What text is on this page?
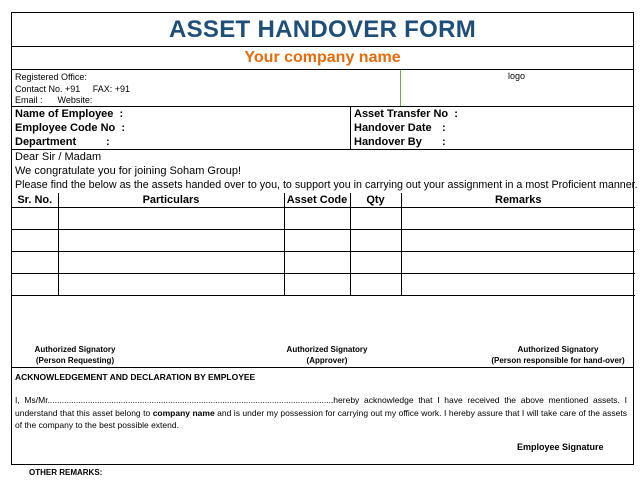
ASSET HANDOVER FORM
Your company name
Registered Office:
Contact No. +91     FAX: +91
Email :      Website:
logo
Name of Employee  :
Employee Code No  :
Department	:
Asset Transfer No  :
Handover Date :
Handover By :
Dear Sir / Madam
We congratulate you for joining Soham Group!
Please find the below as the assets handed over to you, to support you in carrying out your assignment in a most Proficient manner.
Sr. No.	Particulars	Asset Code	Qty	Remarks

Authorized Signatory
(Person Requesting)
Authorized Signatory
(Approver)
Authorized Signatory
(Person responsible for hand-over)
ACKNOWLEDGEMENT AND DECLARATION BY EMPLOYEE
I, Ms/Mr.........................................................................................................................hereby acknowledge that I have received the above mentioned assets. I understand that this asset belong to company name and is under my possession for carrying out my office work. I hereby assure that I will take care of the assets of the company to the best possible extend.
Employee Signature
OTHER REMARKS:
